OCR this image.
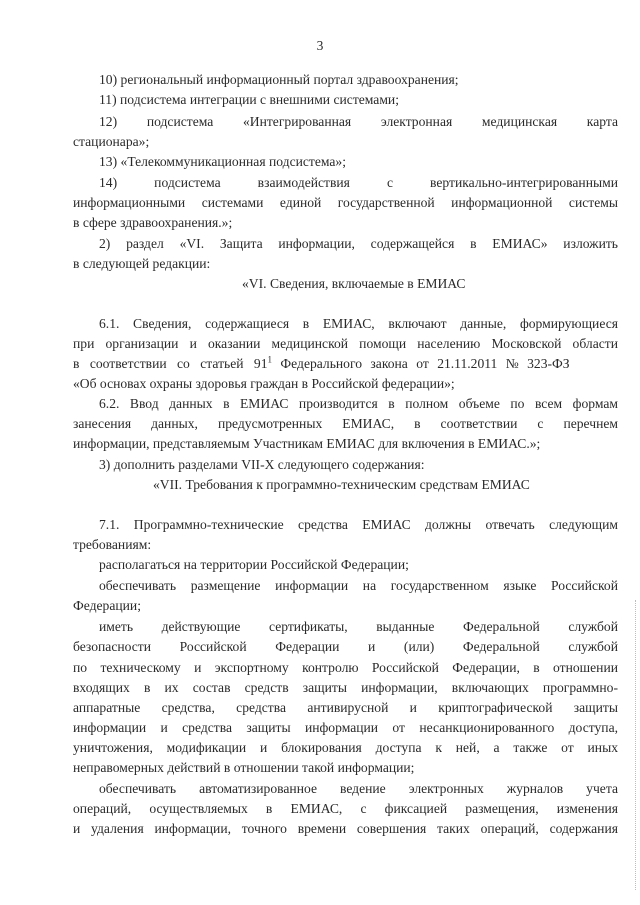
3
10) региональный информационный портал здравоохранения;
11) подсистема интеграции с внешними системами;
12) подсистема «Интегрированная электронная медицинская карта
стационара»;
13) «Телекоммуникационная подсистема»;
14) подсистема взаимодействия с вертикально-интегрированными
информационными системами единой государственной информационной системы
в сфере здравоохранения.»;
2) раздел «VI. Защита информации, содержащейся в ЕМИАС» изложить
в следующей редакции:
«VI. Сведения, включаемые в ЕМИАС
6.1. Сведения, содержащиеся в ЕМИАС, включают данные, формирующиеся
при организации и оказании медицинской помощи населению Московской области
в соответствии со статьей $91^1$ Федерального закона от 21.11.2011 № 323-ФЗ
«Об основах охраны здоровья граждан в Российской федерации»;
6.2. Ввод данных в ЕМИАС производится в полном объеме по всем формам
занесения данных, предусмотренных ЕМИАС, в соответствии с перечнем
информации, представляемым Участникам ЕМИАС для включения в ЕМИАС.»;
3) дополнить разделами VII-X следующего содержания:
«VII. Требования к программно-техническим средствам ЕМИАС
7.1. Программно-технические средства ЕМИАС должны отвечать следующим
требованиям:
располагаться на территории Российской Федерации;
обеспечивать размещение информации на государственном языке Российской
Федерации;
иметь действующие сертификаты, выданные Федеральной службой
безопасности Российской Федерации и (или) Федеральной службой
по техническому и экспортному контролю Российской Федерации, в отношении
входящих в их состав средств защиты информации, включающих программно-
аппаратные средства, средства антивирусной и криптографической защиты
информации и средства защиты информации от несанкционированного доступа,
уничтожения, модификации и блокирования доступа к ней, а также от иных
неправомерных действий в отношении такой информации;
обеспечивать автоматизированное ведение электронных журналов учета
операций, осуществляемых в ЕМИАС, с фиксацией размещения, изменения
и удаления информации, точного времени совершения таких операций, содержания
